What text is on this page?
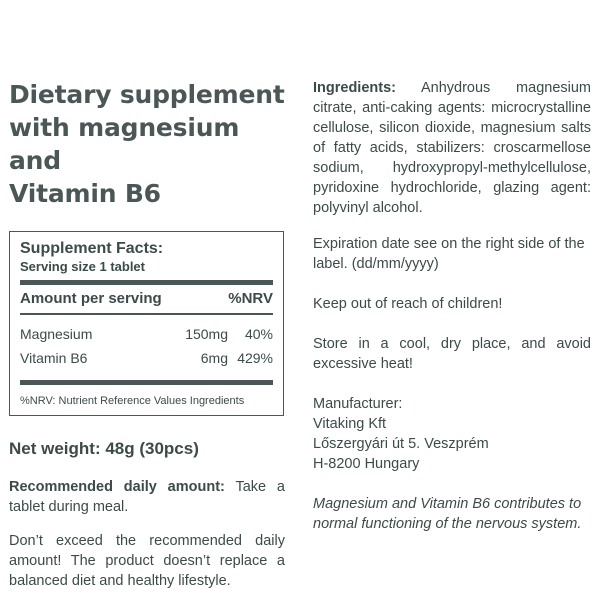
Dietary supplement
with magnesium and
Vitamin B6
Supplement Facts:
Serving size 1 tablet
Amount per serving	%NRV
Magnesium	150mg	40%
Vitamin B6	6mg 429%
%NRV: Nutrient Reference Values Ingredients
Net weight: 48g (30pcs)

Recommended daily amount: Take a tablet during meal.

Don’t exceed the recommended daily amount! The product doesn’t replace a balanced diet and healthy lifestyle.

Ingredients: Anhydrous magnesium citrate, anti-caking agents: microcrystalline cellulose, silicon dioxide, magnesium salts of fatty acids, stabilizers: croscarmellose sodium, hydroxypropyl-methylcellulose, pyridoxine hydrochloride, glazing agent: polyvinyl alcohol.

Expiration date see on the right side of the label. (dd/mm/yyyy)

Keep out of reach of children!

Store in a cool, dry place, and avoid excessive heat!

Manufacturer:
Vitaking Kft
Lőszergyári út 5. Veszprém
H-8200 Hungary

Magnesium and Vitamin B6 contributes to normal functioning of the nervous system.
